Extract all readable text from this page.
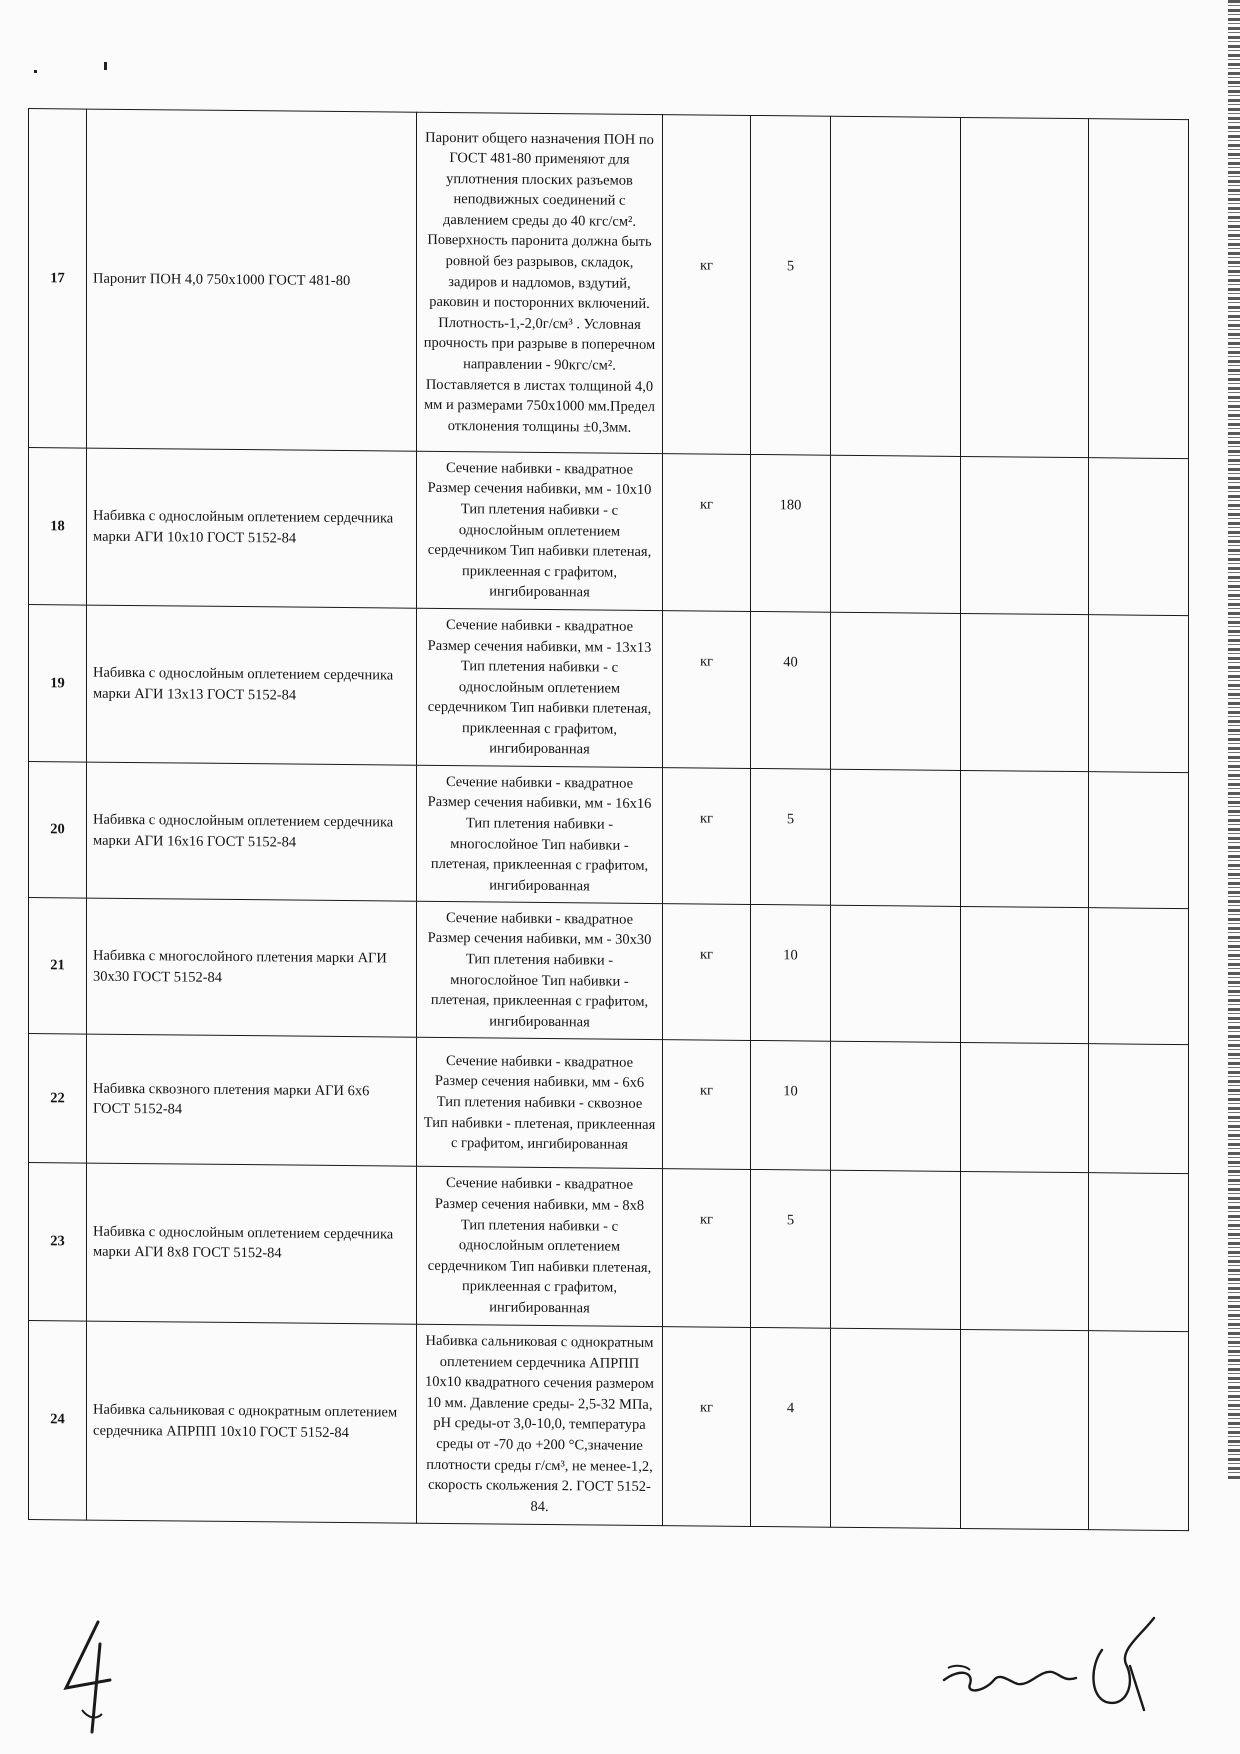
17	Паронит ПОН 4,0 750х1000 ГОСТ 481-80	Паронит общего назначения ПОН по ГОСТ 481-80 применяют для уплотнения плоских разъемов неподвижных соединений с давлением среды до 40 кгс/см². Поверхность паронита должна быть ровной без разрывов, складок, задиров и надломов, вздутий, раковин и посторонних включений. Плотность-1,-2,0г/см³ . Условная прочность при разрыве в поперечном направлении - 90кгс/см². Поставляется в листах толщиной 4,0 мм и размерами 750х1000 мм.Предел отклонения толщины ±0,3мм.	кг	5			
18	Набивка с однослойным оплетением сердечника марки АГИ 10х10 ГОСТ 5152-84	Сечение набивки - квадратное Размер сечения набивки, мм - 10х10 Тип плетения набивки - с однослойным оплетением сердечником Тип набивки плетеная, приклеенная с графитом, ингибированная	кг	180			
19	Набивка с однослойным оплетением сердечника марки АГИ 13х13 ГОСТ 5152-84	Сечение набивки - квадратное Размер сечения набивки, мм - 13х13 Тип плетения набивки - с однослойным оплетением сердечником Тип набивки плетеная, приклеенная с графитом, ингибированная	кг	40			
20	Набивка с однослойным оплетением сердечника марки АГИ 16х16 ГОСТ 5152-84	Сечение набивки - квадратное Размер сечения набивки, мм - 16х16 Тип плетения набивки - многослойное Тип набивки - плетеная, приклеенная с графитом, ингибированная	кг	5			
21	Набивка с многослойного плетения марки АГИ 30х30 ГОСТ 5152-84	Сечение набивки - квадратное Размер сечения набивки, мм - 30х30 Тип плетения набивки - многослойное Тип набивки - плетеная, приклеенная с графитом, ингибированная	кг	10			
22	Набивка сквозного плетения марки АГИ 6х6 ГОСТ 5152-84	Сечение набивки - квадратное Размер сечения набивки, мм - 6х6 Тип плетения набивки - сквозное Тип набивки - плетеная, приклеенная с графитом, ингибированная	кг	10			
23	Набивка с однослойным оплетением сердечника марки АГИ 8х8 ГОСТ 5152-84	Сечение набивки - квадратное Размер сечения набивки, мм - 8х8 Тип плетения набивки - с однослойным оплетением сердечником Тип набивки плетеная, приклеенная с графитом, ингибированная	кг	5			
24	Набивка сальниковая с однократным оплетением сердечника АПРПП 10х10 ГОСТ 5152-84	Набивка сальниковая с однократным оплетением сердечника АПРПП 10х10 квадратного сечения размером 10 мм. Давление среды- 2,5-32 МПа, pH среды-от 3,0-10,0, температура среды от -70 до +200 °С,значение плотности среды г/см³, не менее-1,2, скорость скольжения 2. ГОСТ 5152-84.	кг	4			
